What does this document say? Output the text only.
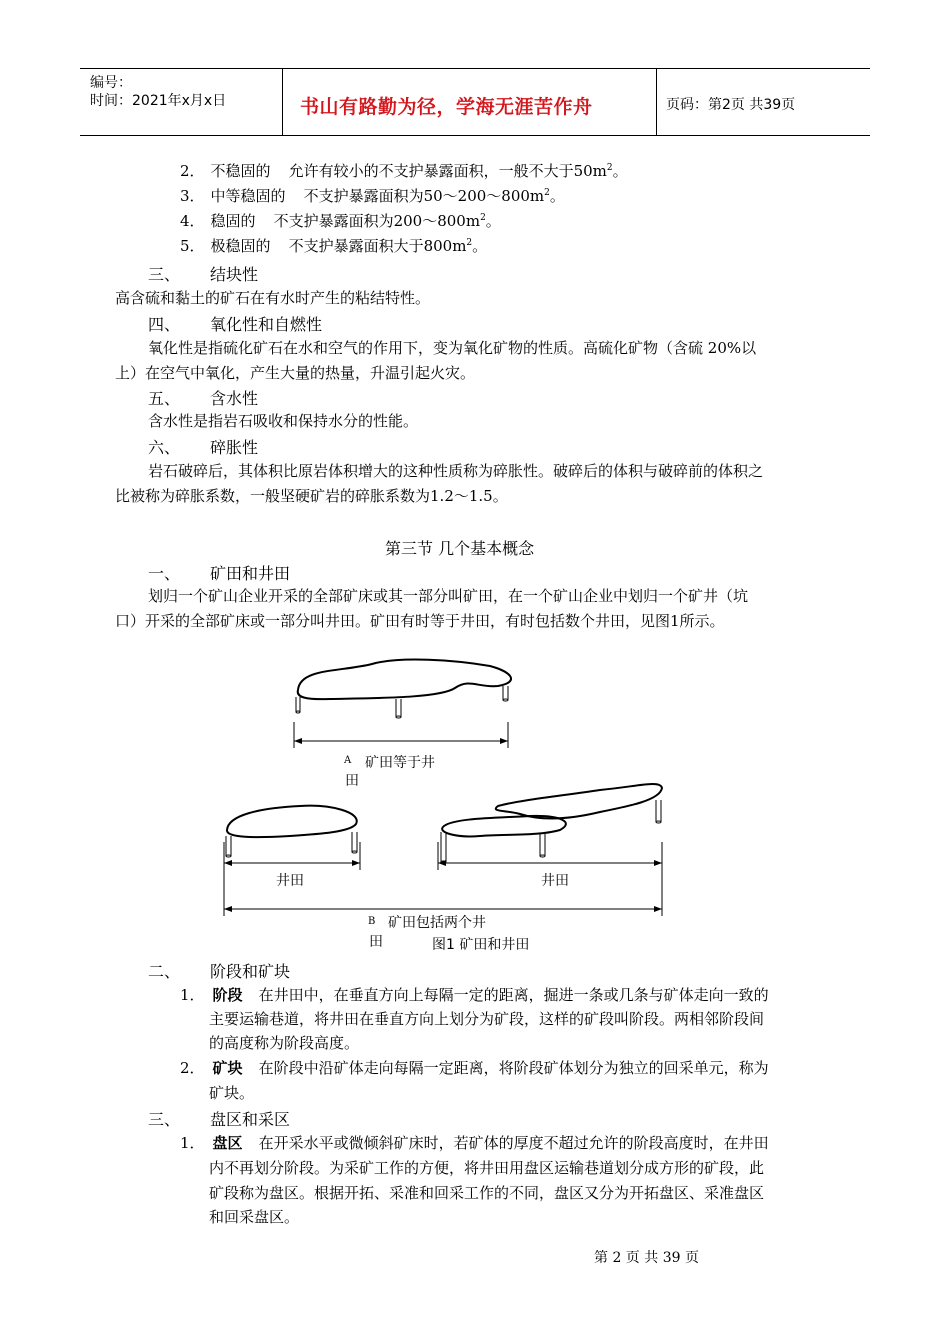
编号：
时间：2021年x月x日	书山有路勤为径，学海无涯苦作舟	页码：第2页 共39页
2． 不稳固的 允许有较小的不支护暴露面积，一般不大于$50m^2$。
3． 中等稳固的 不支护暴露面积为$50\sim 200\sim 800m^2$。
4． 稳固的 不支护暴露面积为$200\sim 800m^2$。
5． 极稳固的 不支护暴露面积大于$800m^2$。
三、 结块性
高含硫和黏土的矿石在有水时产生的粘结特性。
四、 氧化性和自燃性
氧化性是指硫化矿石在水和空气的作用下，变为氧化矿物的性质。高硫化矿物（含硫 20%以
上）在空气中氧化，产生大量的热量，升温引起火灾。
五、 含水性
含水性是指岩石吸收和保持水分的性能。
六、 碎胀性
岩石破碎后，其体积比原岩体积增大的这种性质称为碎胀性。破碎后的体积与破碎前的体积之
比被称为碎胀系数，一般坚硬矿岩的碎胀系数为1.2～1.5。
第三节 几个基本概念
一、 矿田和井田
划归一个矿山企业开采的全部矿床或其一部分叫矿田，在一个矿山企业中划归一个矿井（坑
口）开采的全部矿床或一部分叫井田。矿田有时等于井田，有时包括数个井田，见图1所示。
A 矿田等于井
田
井田	井田
B 矿田包括两个井
田	图1 矿田和井田
二、 阶段和矿块
1． 阶段 在井田中，在垂直方向上每隔一定的距离，掘进一条或几条与矿体走向一致的
主要运输巷道，将井田在垂直方向上划分为矿段，这样的矿段叫阶段。两相邻阶段间
的高度称为阶段高度。
2． 矿块 在阶段中沿矿体走向每隔一定距离，将阶段矿体划分为独立的回采单元，称为
矿块。
三、 盘区和采区
1． 盘区 在开采水平或微倾斜矿床时，若矿体的厚度不超过允许的阶段高度时，在井田
内不再划分阶段。为采矿工作的方便，将井田用盘区运输巷道划分成方形的矿段，此
矿段称为盘区。根据开拓、采准和回采工作的不同，盘区又分为开拓盘区、采准盘区
和回采盘区。
第 2 页 共 39 页
